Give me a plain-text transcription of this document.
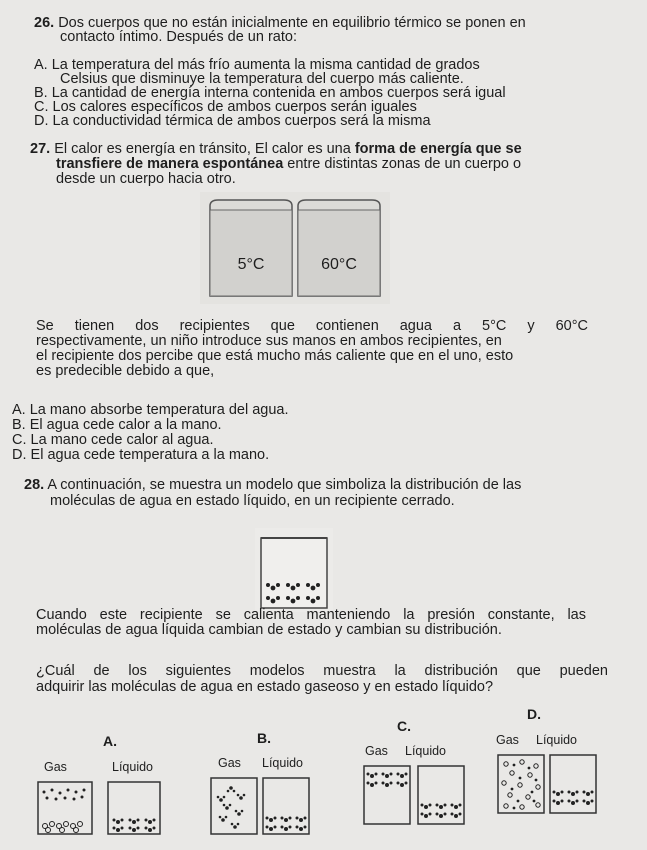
26. Dos cuerpos que no están inicialmente en equilibrio térmico se ponen en
contacto íntimo. Después de un rato:
A. La temperatura del más frío aumenta la misma cantidad de grados
Celsius que disminuye la temperatura del cuerpo más caliente.
B. La cantidad de energía interna contenida en ambos cuerpos será igual
C. Los calores específicos de ambos cuerpos serán iguales
D. La conductividad térmica de ambos cuerpos será la misma
27. El calor es energía en tránsito, El calor es una forma de energía que se
transfiere de manera espontánea entre distintas zonas de un cuerpo o
desde un cuerpo hacia otro.
5°C	60°C
Se tienen dos recipientes que contienen agua a 5°C y 60°C
respectivamente, un niño introduce sus manos en ambos recipientes, en
el recipiente dos percibe que está mucho más caliente que en el uno, esto
es predecible debido a que,
A. La mano absorbe temperatura del agua.
B. El agua cede calor a la mano.
C. La mano cede calor al agua.
D. El agua cede temperatura a la mano.
28. A continuación, se muestra un modelo que simboliza la distribución de las
moléculas de agua en estado líquido, en un recipiente cerrado.
Cuando este recipiente se calienta manteniendo la presión constante, las
moléculas de agua líquida cambian de estado y cambian su distribución.
¿Cuál de los siguientes modelos muestra la distribución que pueden
adquirir las moléculas de agua en estado gaseoso y en estado líquido?
A.
Gas	Líquido
B.
Gas Líquido
C.
Gas Líquido
D.
Gas Líquido
